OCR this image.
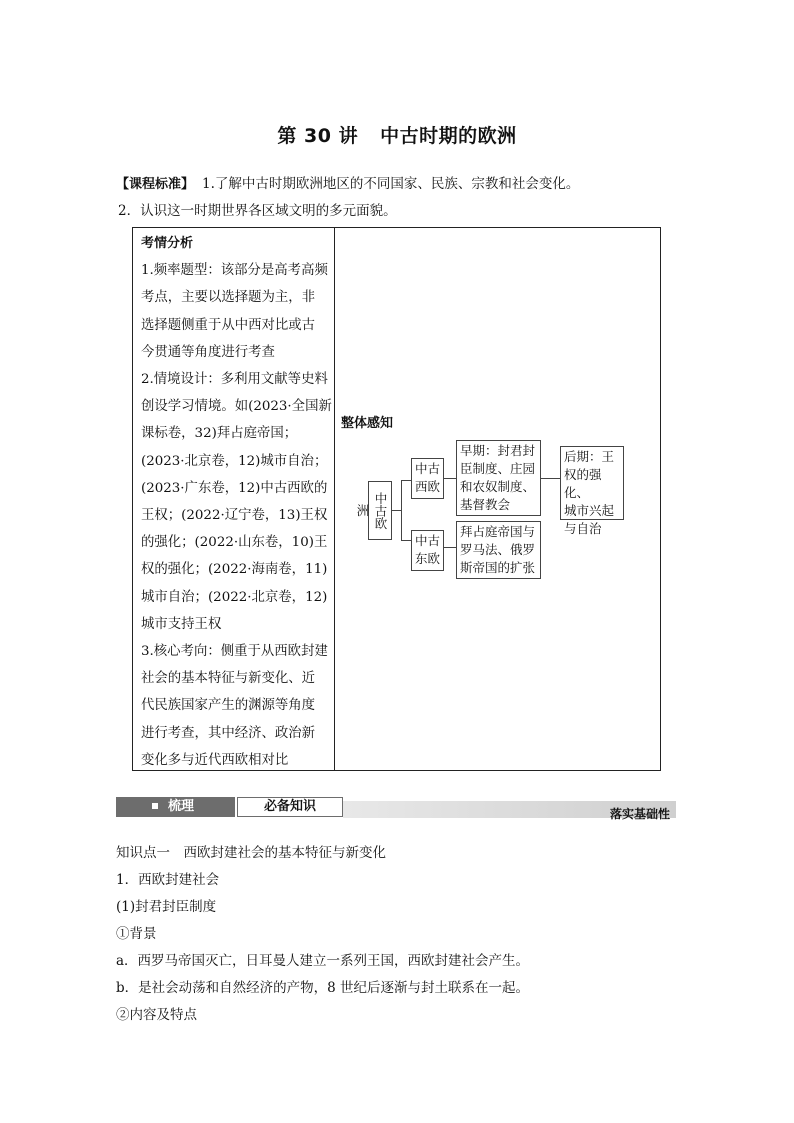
第 30 讲 中古时期的欧洲
【课程标准】 1.了解中古时期欧洲地区的不同国家、民族、宗教和社会变化。
2．认识这一时期世界各区域文明的多元面貌。
考情分析
1.频率题型：该部分是高考高频
考点，主要以选择题为主，非
选择题侧重于从中西对比或古
今贯通等角度进行考查
2.情境设计：多利用文献等史料
创设学习情境。如(2023·全国新
课标卷，32)拜占庭帝国；
(2023·北京卷，12)城市自治；
(2023·广东卷，12)中古西欧的
王权；(2022·辽宁卷，13)王权
的强化；(2022·山东卷，10)王
权的强化；(2022·海南卷，11)
城市自治；(2022·北京卷，12)
城市支持王权
3.核心考向：侧重于从西欧封建
社会的基本特征与新变化、近
代民族国家产生的渊源等角度
进行考查，其中经济、政治新
变化多与近代西欧相对比
整体感知
中古欧洲
中古
西欧
早期：封君封
臣制度、庄园
和农奴制度、
基督教会
后期：王
权的强化、
城市兴起
与自治
中古
东欧
拜占庭帝国与
罗马法、俄罗
斯帝国的扩张
梳理	必备知识	落实基础性
知识点一　西欧封建社会的基本特征与新变化
1．西欧封建社会
(1)封君封臣制度
①背景
a．西罗马帝国灭亡，日耳曼人建立一系列王国，西欧封建社会产生。
b．是社会动荡和自然经济的产物，8 世纪后逐渐与封土联系在一起。
②内容及特点
